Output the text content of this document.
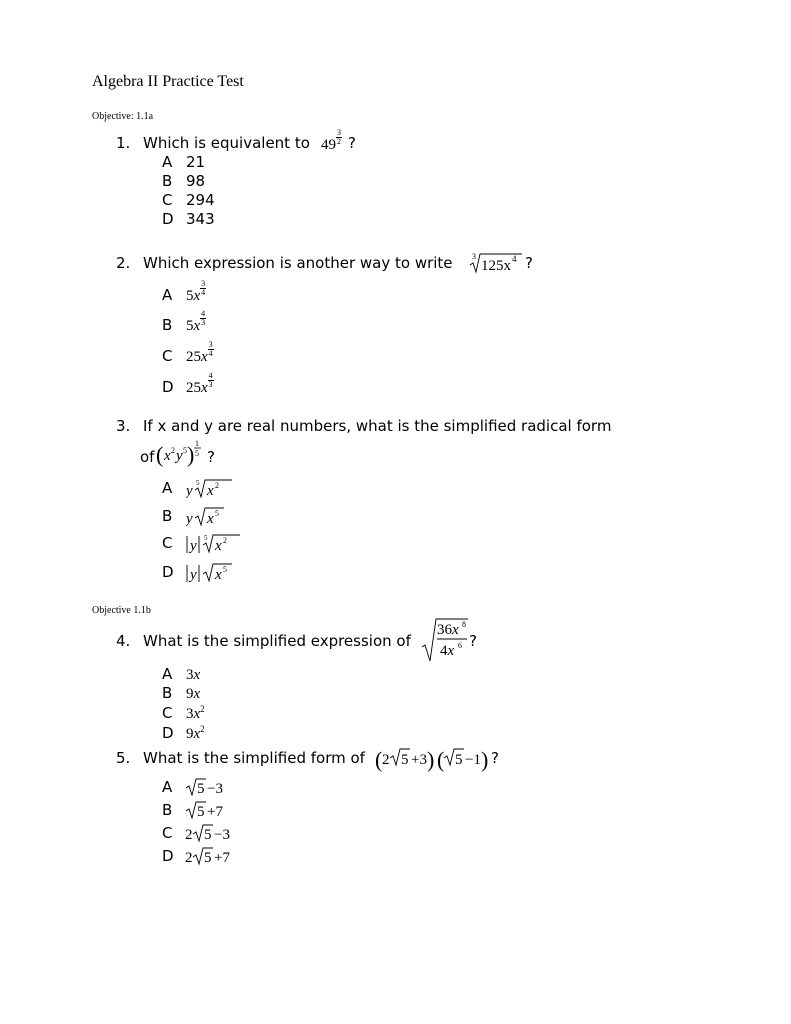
Algebra II Practice Test
Objective: 1.1a
1. Which is equivalent to $49 \frac{3}{2}$ ?
A 21
B 98
C 294
D 343
2. Which expression is another way to write 3
125x 4 ?
A $5x \frac{3}{4}$
B $5x \frac{4}{3}$
C $25x \frac{3}{4}$
D $25x \frac{4}{3}$
3. If x and y are real numbers, what is the simplified radical form
of ( x 2 y 5 ) 1
5 ?
A y 5 x 2
B y x 5
C y 5 x 2
D y x 5
Objective 1.1b
4. What is the simplified expression of
36x 8
4x 6 ?
A 3x
B 9x
C $3x^2$
D $9x^2$
5. What is the simplified form of ( 2 5 +3 ) ( 5 −1 ) ?
A 5 −3
B 5 +7
C 2 5 −3
D 2 5 +7
